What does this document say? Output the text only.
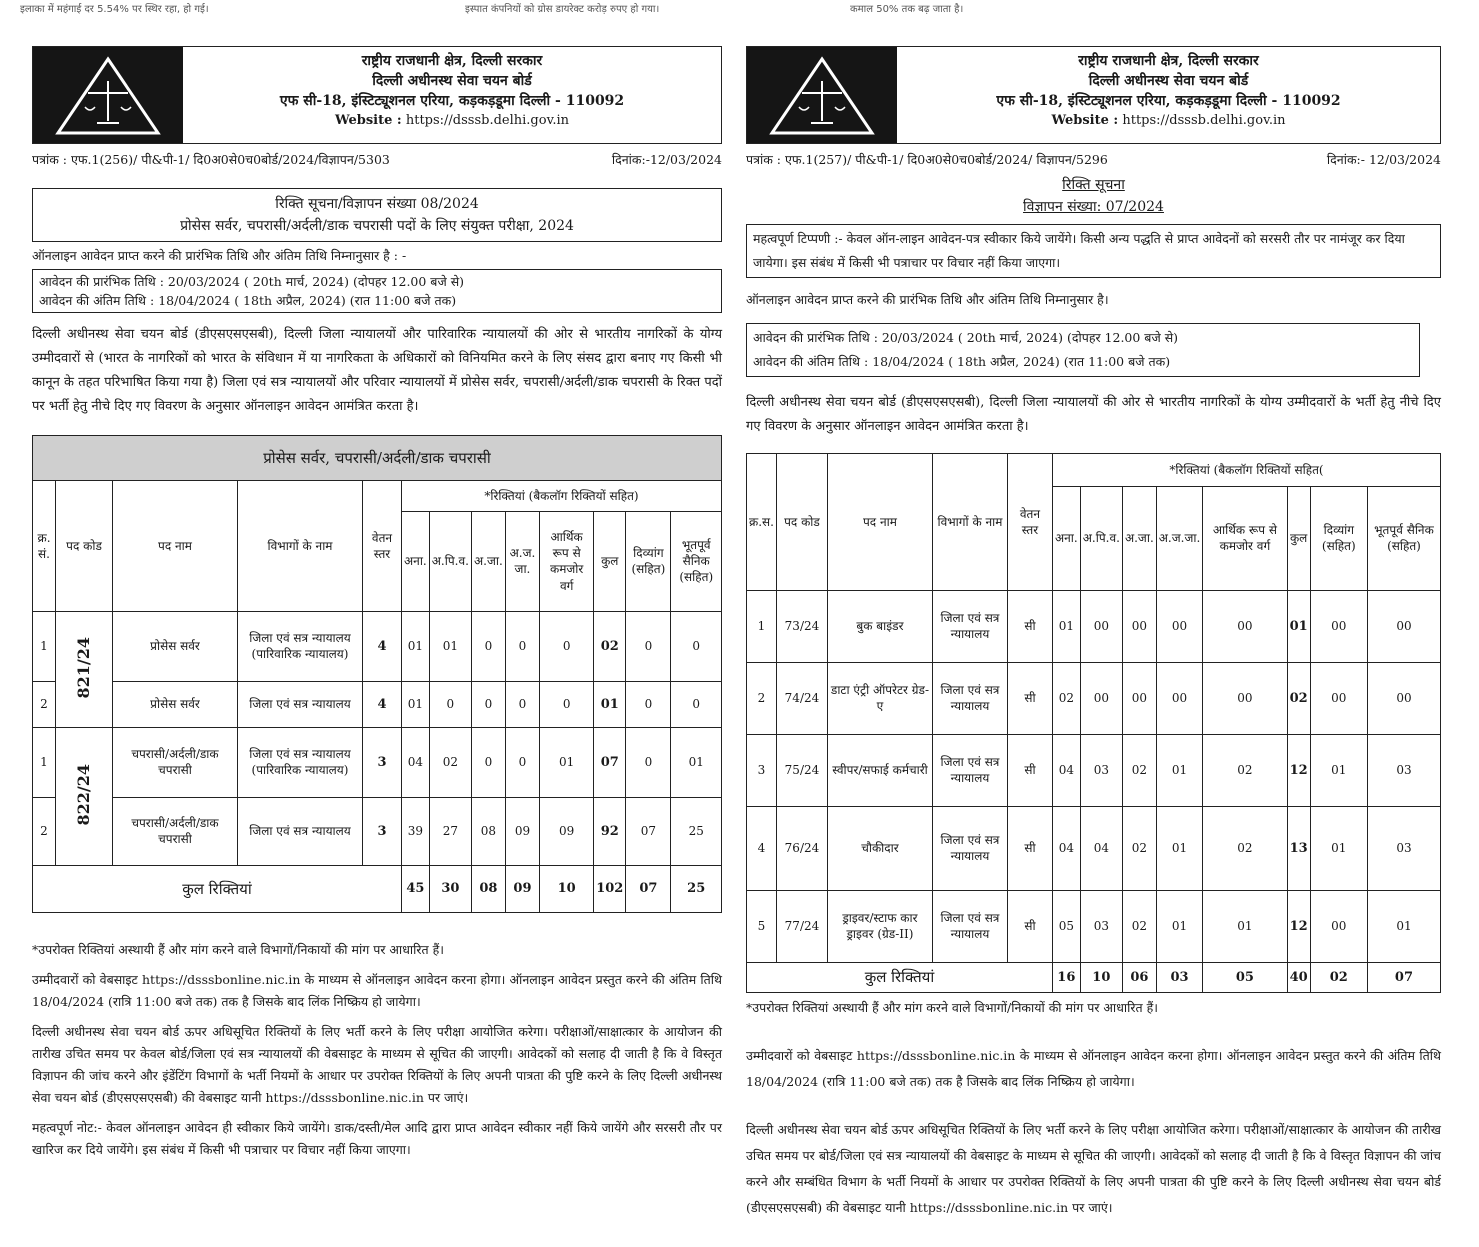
इलाका में महंगाई दर 5.54% पर स्थिर रहा, हो गई।	इस्पात कंपनियों को ग्रोस डायरेक्ट करोड़ रुपए हो गया।	कमाल 50% तक बढ़ जाता है।
राष्ट्रीय राजधानी क्षेत्र, दिल्ली सरकार
दिल्ली अधीनस्थ सेवा चयन बोर्ड
एफ सी-18, इंस्टिट्यूशनल एरिया, कड़कड़डूमा दिल्ली - 110092
Website : https://dsssb.delhi.gov.in
पत्रांक : एफ.1(256)/ पी&पी-1/ दि0अ0से0च0बोर्ड/2024/विज्ञापन/5303	दिनांक:-12/03/2024
रिक्ति सूचना/विज्ञापन संख्या 08/2024
प्रोसेस सर्वर, चपरासी/अर्दली/डाक चपरासी पदों के लिए संयुक्त परीक्षा, 2024
ऑनलाइन आवेदन प्राप्त करने की प्रारंभिक तिथि और अंतिम तिथि निम्नानुसार है : -
आवेदन की प्रारंभिक तिथि : 20/03/2024 ( 20th मार्च, 2024) (दोपहर 12.00 बजे से)
आवेदन की अंतिम तिथि : 18/04/2024 ( 18th अप्रैल, 2024) (रात 11:00 बजे तक)
दिल्ली अधीनस्थ सेवा चयन बोर्ड (डीएसएसएसबी), दिल्ली जिला न्यायालयों और पारिवारिक न्यायालयों की ओर से भारतीय नागरिकों के योग्य उम्मीदवारों से (भारत के नागरिकों को भारत के संविधान में या नागरिकता के अधिकारों को विनियमित करने के लिए संसद द्वारा बनाए गए किसी भी कानून के तहत परिभाषित किया गया है) जिला एवं सत्र न्यायालयों और परिवार न्यायालयों में प्रोसेस सर्वर, चपरासी/अर्दली/डाक चपरासी के रिक्त पदों पर भर्ती हेतु नीचे दिए गए विवरण के अनुसार ऑनलाइन आवेदन आमंत्रित करता है।
प्रोसेस सर्वर, चपरासी/अर्दली/डाक चपरासी												
क्र. सं.	पद कोड	पद नाम	विभागों के नाम	वेतन स्तर	*रिक्तियां (बैकलॉग रिक्तियों सहित)							
					अना.	अ.पि.व.	अ.जा.	अ.ज. जा.	आर्थिक रूप से कमजोर वर्ग	कुल	दिव्यांग (सहित)	भूतपूर्व सैनिक (सहित)
1	821/24	प्रोसेस सर्वर	जिला एवं सत्र न्यायालय (पारिवारिक न्यायालय)	4	01	01	0	0	0	02	0	0
2		प्रोसेस सर्वर	जिला एवं सत्र न्यायालय	4	01	0	0	0	0	01	0	0
1	822/24	चपरासी/अर्दली/डाक चपरासी	जिला एवं सत्र न्यायालय (पारिवारिक न्यायालय)	3	04	02	0	0	01	07	0	01
2		चपरासी/अर्दली/डाक चपरासी	जिला एवं सत्र न्यायालय	3	39	27	08	09	09	92	07	25
कुल रिक्तियां					45	30	08	09	10	102	07	25
*उपरोक्त रिक्तियां अस्थायी हैं और मांग करने वाले विभागों/निकायों की मांग पर आधारित हैं।
उम्मीदवारों को वेबसाइट https://dsssbonline.nic.in के माध्यम से ऑनलाइन आवेदन करना होगा। ऑनलाइन आवेदन प्रस्तुत करने की अंतिम तिथि 18/04/2024 (रात्रि 11:00 बजे तक) तक है जिसके बाद लिंक निष्क्रिय हो जायेगा।
दिल्ली अधीनस्थ सेवा चयन बोर्ड ऊपर अधिसूचित रिक्तियों के लिए भर्ती करने के लिए परीक्षा आयोजित करेगा। परीक्षाओं/साक्षात्कार के आयोजन की तारीख उचित समय पर केवल बोर्ड/जिला एवं सत्र न्यायालयों की वेबसाइट के माध्यम से सूचित की जाएगी। आवेदकों को सलाह दी जाती है कि वे विस्तृत विज्ञापन की जांच करने और इंडेंटिंग विभागों के भर्ती नियमों के आधार पर उपरोक्त रिक्तियों के लिए अपनी पात्रता की पुष्टि करने के लिए दिल्ली अधीनस्थ सेवा चयन बोर्ड (डीएसएसएसबी) की वेबसाइट यानी https://dsssbonline.nic.in पर जाएं।
महत्वपूर्ण नोट:- केवल ऑनलाइन आवेदन ही स्वीकार किये जायेंगे। डाक/दस्ती/मेल आदि द्वारा प्राप्त आवेदन स्वीकार नहीं किये जायेंगे और सरसरी तौर पर खारिज कर दिये जायेंगे। इस संबंध में किसी भी पत्राचार पर विचार नहीं किया जाएगा।
राष्ट्रीय राजधानी क्षेत्र, दिल्ली सरकार
दिल्ली अधीनस्थ सेवा चयन बोर्ड
एफ सी-18, इंस्टिट्यूशनल एरिया, कड़कड़डूमा दिल्ली - 110092
Website : https://dsssb.delhi.gov.in
पत्रांक : एफ.1(257)/ पी&पी-1/ दि0अ0से0च0बोर्ड/2024/ विज्ञापन/5296	दिनांक:- 12/03/2024
रिक्ति सूचना
विज्ञापन संख्या: 07/2024
महत्वपूर्ण टिप्पणी :- केवल ऑन-लाइन आवेदन-पत्र स्वीकार किये जायेंगे। किसी अन्य पद्धति से प्राप्त आवेदनों को सरसरी तौर पर नामंजूर कर दिया जायेगा। इस संबंध में किसी भी पत्राचार पर विचार नहीं किया जाएगा।
ऑनलाइन आवेदन प्राप्त करने की प्रारंभिक तिथि और अंतिम तिथि निम्नानुसार है।
आवेदन की प्रारंभिक तिथि : 20/03/2024 ( 20th मार्च, 2024) (दोपहर 12.00 बजे से)
आवेदन की अंतिम तिथि : 18/04/2024 ( 18th अप्रैल, 2024) (रात 11:00 बजे तक)
दिल्ली अधीनस्थ सेवा चयन बोर्ड (डीएसएसएसबी), दिल्ली जिला न्यायालयों की ओर से भारतीय नागरिकों के योग्य उम्मीदवारों के भर्ती हेतु नीचे दिए गए विवरण के अनुसार ऑनलाइन आवेदन आमंत्रित करता है।
क्र.स.	पद कोड	पद नाम	विभागों के नाम	वेतन स्तर	*रिक्तियां (बैकलॉग रिक्तियों सहित(							
					अना.	अ.पि.व.	अ.जा.	अ.ज.जा.	आर्थिक रूप से कमजोर वर्ग	कुल	दिव्यांग (सहित)	भूतपूर्व सैनिक (सहित)
1	73/24	बुक बाइंडर	जिला एवं सत्र न्यायालय	सी	01	00	00	00	00	01	00	00
2	74/24	डाटा एंट्री ऑपरेटर ग्रेड-ए	जिला एवं सत्र न्यायालय	सी	02	00	00	00	00	02	00	00
3	75/24	स्वीपर/सफाई कर्मचारी	जिला एवं सत्र न्यायालय	सी	04	03	02	01	02	12	01	03
4	76/24	चौकीदार	जिला एवं सत्र न्यायालय	सी	04	04	02	01	02	13	01	03
5	77/24	ड्राइवर/स्टाफ कार ड्राइवर (ग्रेड-II)	जिला एवं सत्र न्यायालय	सी	05	03	02	01	01	12	00	01
कुल रिक्तियां					16	10	06	03	05	40	02	07
*उपरोक्त रिक्तियां अस्थायी हैं और मांग करने वाले विभागों/निकायों की मांग पर आधारित हैं।
उम्मीदवारों को वेबसाइट https://dsssbonline.nic.in के माध्यम से ऑनलाइन आवेदन करना होगा। ऑनलाइन आवेदन प्रस्तुत करने की अंतिम तिथि 18/04/2024 (रात्रि 11:00 बजे तक) तक है जिसके बाद लिंक निष्क्रिय हो जायेगा।
दिल्ली अधीनस्थ सेवा चयन बोर्ड ऊपर अधिसूचित रिक्तियों के लिए भर्ती करने के लिए परीक्षा आयोजित करेगा। परीक्षाओं/साक्षात्कार के आयोजन की तारीख उचित समय पर बोर्ड/जिला एवं सत्र न्यायालयों की वेबसाइट के माध्यम से सूचित की जाएगी। आवेदकों को सलाह दी जाती है कि वे विस्तृत विज्ञापन की जांच करने और सम्बंधित विभाग के भर्ती नियमों के आधार पर उपरोक्त रिक्तियों के लिए अपनी पात्रता की पुष्टि करने के लिए दिल्ली अधीनस्थ सेवा चयन बोर्ड (डीएसएसएसबी) की वेबसाइट यानी https://dsssbonline.nic.in पर जाएं।
